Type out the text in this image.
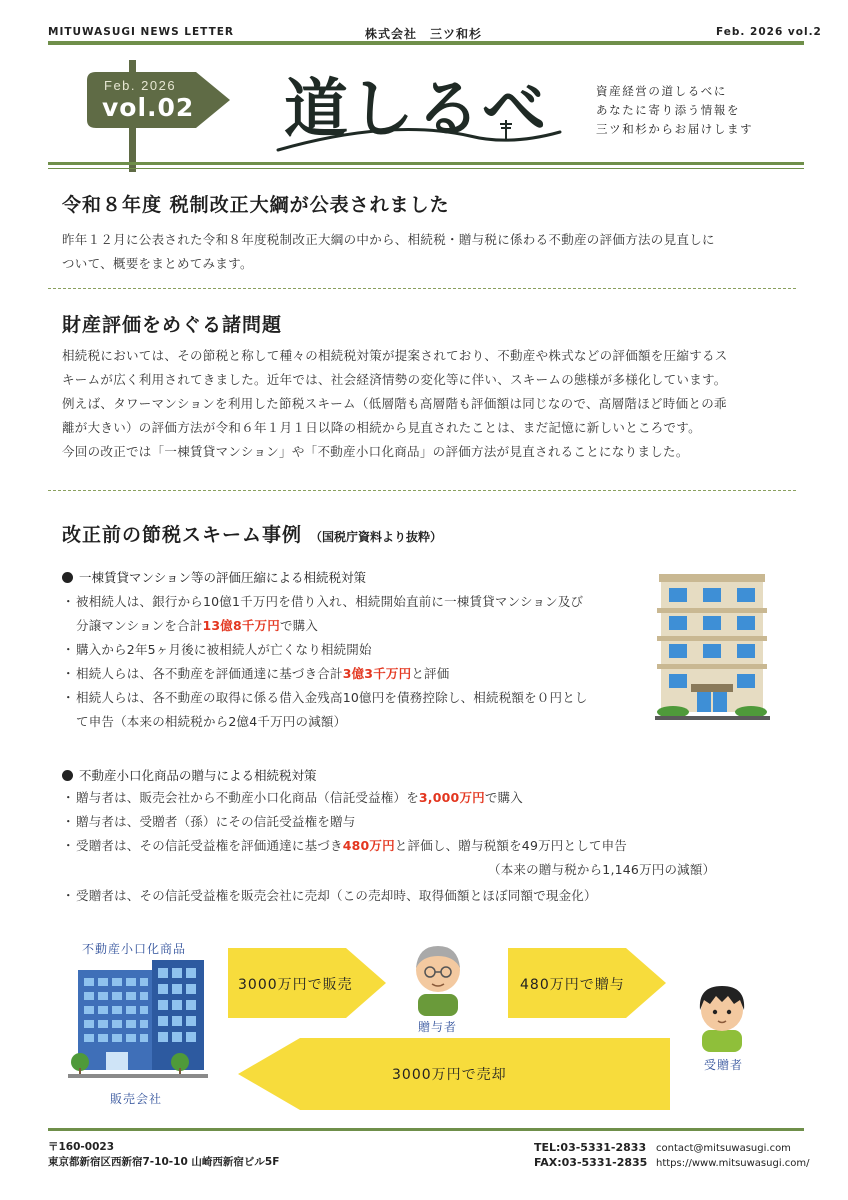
MITUWASUGI NEWS LETTER	株式会社　三ツ和杉	Feb. 2026 vol.2
Feb. 2026
vol.02 道しるべ	資産経営の道しるべに
あなたに寄り添う情報を
三ツ和杉からお届けします
令和８年度 税制改正大綱が公表されました
昨年１２月に公表された令和８年度税制改正大綱の中から、相続税・贈与税に係わる不動産の評価方法の見直しに
ついて、概要をまとめてみます。
財産評価をめぐる諸問題
相続税においては、その節税と称して種々の相続税対策が提案されており、不動産や株式などの評価額を圧縮するス
キームが広く利用されてきました。近年では、社会経済情勢の変化等に伴い、スキームの態様が多様化しています。
例えば、タワーマンションを利用した節税スキーム（低層階も高層階も評価額は同じなので、高層階ほど時価との乖
離が大きい）の評価方法が令和６年１月１日以降の相続から見直されたことは、まだ記憶に新しいところです。
今回の改正では「一棟賃貸マンション」や「不動産小口化商品」の評価方法が見直されることになりました。
改正前の節税スキーム事例 （国税庁資料より抜粋）
一棟賃貸マンション等の評価圧縮による相続税対策
・被相続人は、銀行から10億1千万円を借り入れ、相続開始直前に一棟賃貸マンション及び
分譲マンションを合計13億8千万円で購入
・購入から2年5ヶ月後に被相続人が亡くなり相続開始
・相続人らは、各不動産を評価通達に基づき合計3億3千万円と評価
・相続人らは、各不動産の取得に係る借入金残高10億円を債務控除し、相続税額を０円とし
て申告（本来の相続税から2億4千万円の減額）
不動産小口化商品の贈与による相続税対策
・贈与者は、販売会社から不動産小口化商品（信託受益権）を3,000万円で購入
・贈与者は、受贈者（孫）にその信託受益権を贈与
・受贈者は、その信託受益権を評価通達に基づき480万円と評価し、贈与税額を49万円として申告
（本来の贈与税から1,146万円の減額）
・受贈者は、その信託受益権を販売会社に売却（この売却時、取得価額とほぼ同額で現金化）
不動産小口化商品
販売会社
3000万円で販売
贈与者
480万円で贈与
受贈者
3000万円で売却
〒160-0023
東京都新宿区西新宿7-10-10 山崎西新宿ビル5F
TEL:03-5331-2833
FAX:03-5331-2835
contact@mitsuwasugi.com
https://www.mitsuwasugi.com/
